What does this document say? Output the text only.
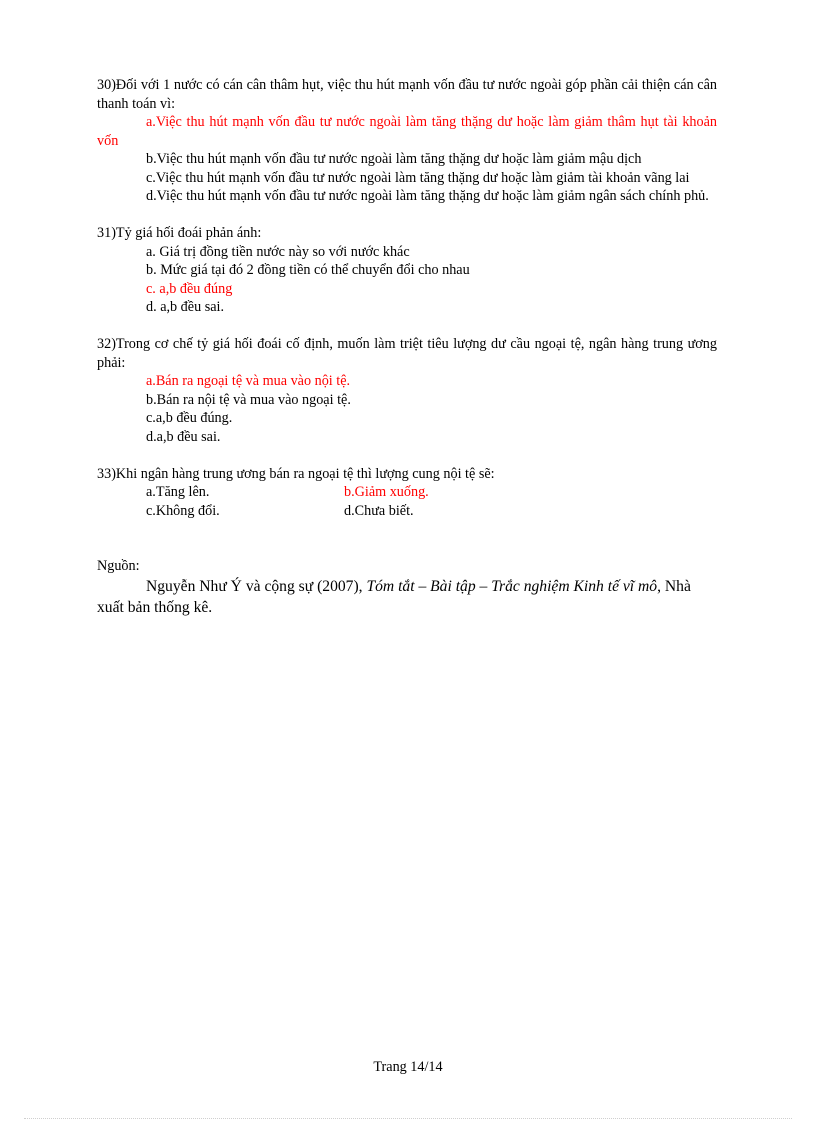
30)Đối với 1 nước có cán cân thâm hụt, việc thu hút mạnh vốn đầu tư nước ngoài góp phần cải thiện cán cân thanh toán vì:
a.Việc thu hút mạnh vốn đầu tư nước ngoài làm tăng thặng dư hoặc làm giảm thâm hụt tài khoản vốn
b.Việc thu hút mạnh vốn đầu tư nước ngoài làm tăng thặng dư hoặc làm giảm mậu dịch
c.Việc thu hút mạnh vốn đầu tư nước ngoài làm tăng thặng dư hoặc làm giảm tài khoản vãng lai
d.Việc thu hút mạnh vốn đầu tư nước ngoài làm tăng thặng dư hoặc làm giảm ngân sách chính phủ.
31)Tỷ giá hối đoái phản ánh:
a. Giá trị đồng tiền nước này so với nước khác
b. Mức giá tại đó 2 đồng tiền có thể chuyển đổi cho nhau
c. a,b đều đúng
d. a,b đều sai.
32)Trong cơ chế tỷ giá hối đoái cố định, muốn làm triệt tiêu lượng dư cầu ngoại tệ, ngân hàng trung ương phải:
a.Bán ra ngoại tệ và mua vào nội tệ.
b.Bán ra nội tệ và mua vào ngoại tệ.
c.a,b đều đúng.
d.a,b đều sai.
33)Khi ngân hàng trung ương bán ra ngoại tệ thì lượng cung nội tệ sẽ:
a.Tăng lên.	b.Giảm xuống.
c.Không đổi.	d.Chưa biết.
Nguồn:
Nguyễn Như Ý và cộng sự (2007), Tóm tắt – Bài tập – Trắc nghiệm Kinh tế vĩ mô, Nhà xuất bản thống kê.
Trang 14/14
